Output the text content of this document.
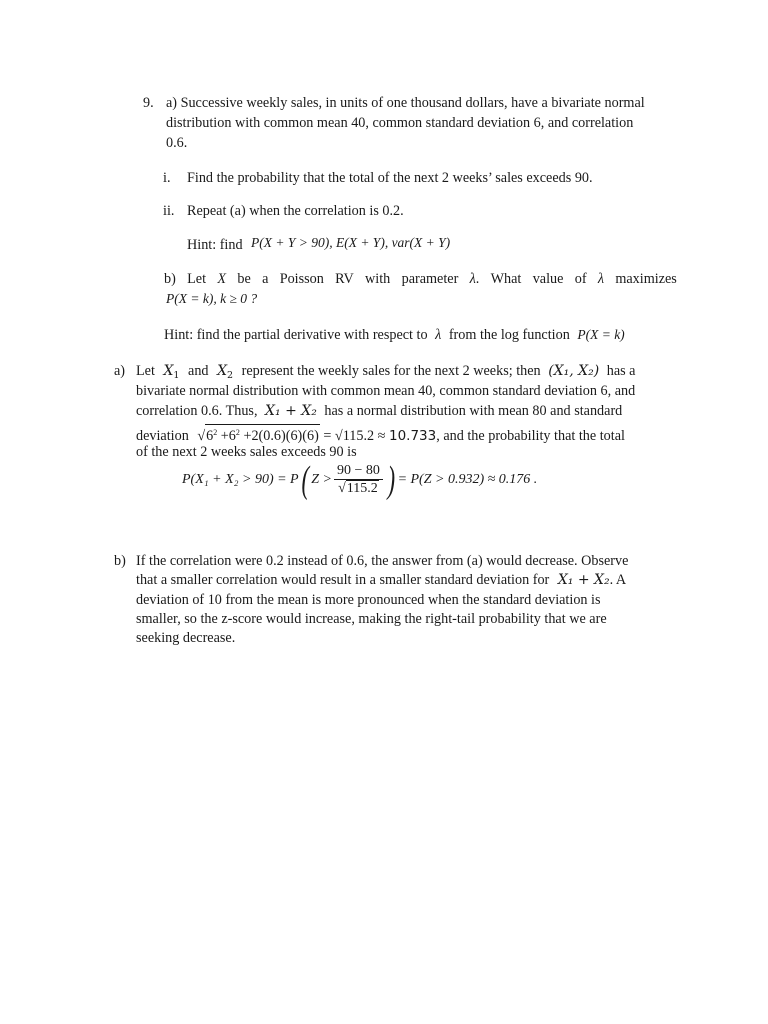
9. a) Successive weekly sales, in units of one thousand dollars, have a bivariate normal
distribution with common mean 40, common standard deviation 6, and correlation
0.6.
i. Find the probability that the total of the next 2 weeks’ sales exceeds 90.
ii. Repeat (a) when the correlation is 0.2.
Hint: find P(X + Y > 90), E(X + Y), var(X + Y)
b) Let X be a Poisson RV with parameter λ. What value of λ maximizes
P(X = k), k ≥ 0 ?
Hint: find the partial derivative with respect to λ from the log function P(X = k)
a) Let $X_1$ and $X_2$ represent the weekly sales for the next 2 weeks; then (X₁, X₂) has a
bivariate normal distribution with common mean 40, common standard deviation 6, and
correlation 0.6. Thus, X₁ + X₂ has a normal distribution with mean 80 and standard
deviation $√6^2 +6^2 +2(0.6)(6)(6) = √115.2 \approx 10.733$, and the probability that the total
of the next 2 weeks sales exceeds 90 is
P(X₁ + X₂ > 90) = P ( $Z > \frac{90 - 80}{√115.2}$ ) = P(Z > 0.932) ≈ 0.176 .
b) If the correlation were 0.2 instead of 0.6, the answer from (a) would decrease. Observe
that a smaller correlation would result in a smaller standard deviation for X₁ + X₂. A
deviation of 10 from the mean is more pronounced when the standard deviation is
smaller, so the z-score would increase, making the right-tail probability that we are
seeking decrease.
